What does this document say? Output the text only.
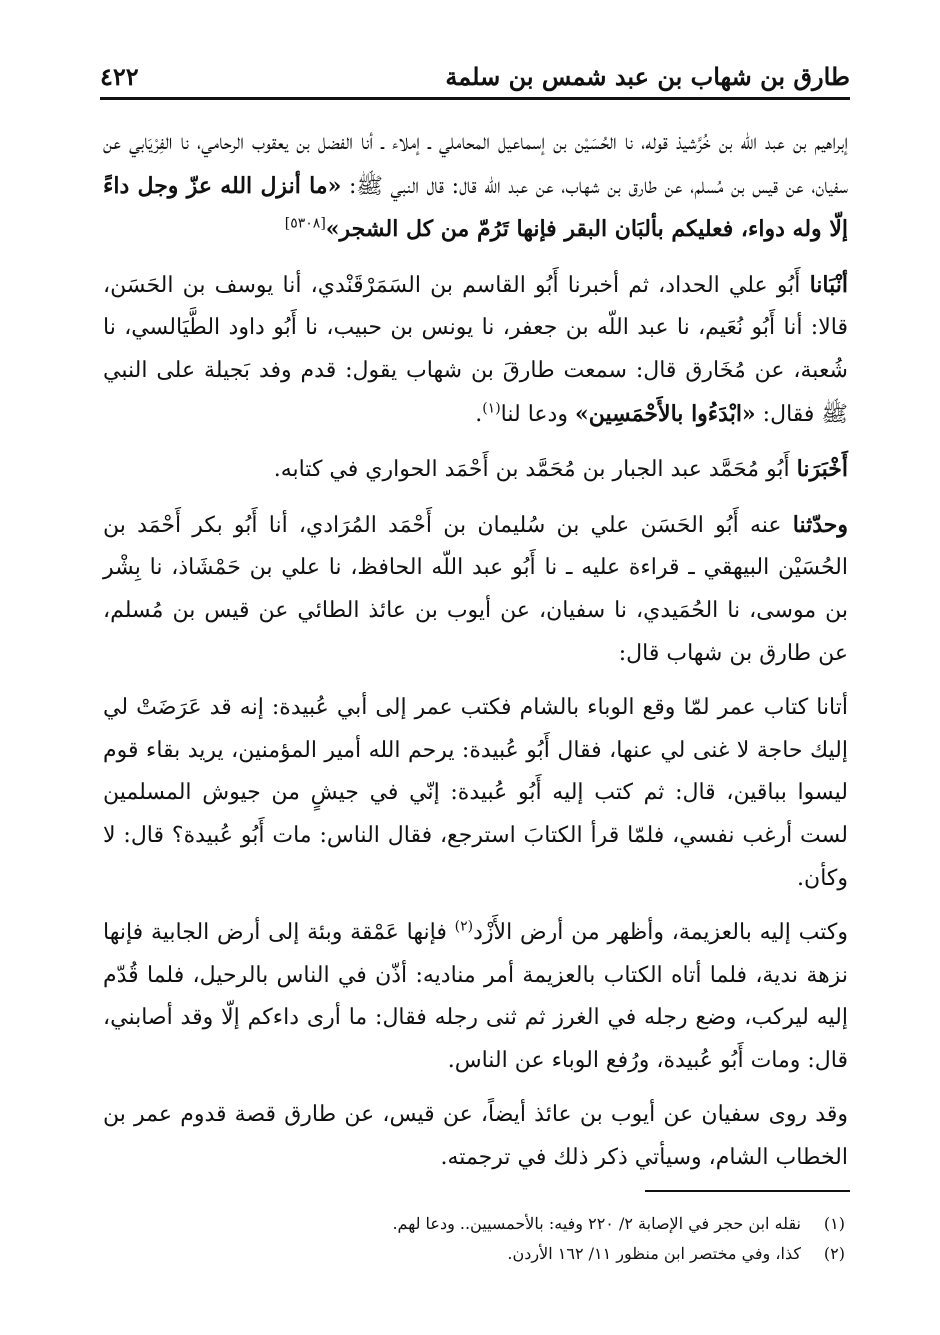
طارق بن شهاب بن عبد شمس بن سلمة
٤٢٢

إبراهيم بن عبد اللّه بن خُرَّشيذ قوله، نا الحُسَيْن بن إسماعيل المحاملي ـ إملاء ـ أنا الفضل بن يعقوب الرحامي، نا الفِرْيَابي عن سفيان، عن قيس بن مُسلم، عن طارق بن شهاب، عن عبد اللّه قال: قال النبي ﷺ: «ما أنزل الله عزّ وجل داءً إلّا وله دواء، فعليكم بألبَان البقر فإنها تَرُمّ من كل الشجر»[٥٣٠٨]

أنْبَانا أَبُو علي الحداد، ثم أخبرنا أَبُو القاسم بن السَمَرْقَنْدي، أنا يوسف بن الحَسَن، قالا: أنا أَبُو نُعَيم، نا عبد اللّه بن جعفر، نا يونس بن حبيب، نا أَبُو داود الطَّيَالسي، نا شُعبة، عن مُخَارق قال: سمعت طارقَ بن شهاب يقول: قدم وفد بَجيلة على النبي ﷺ فقال: «ابْدَءُوا بالأَحْمَسِين» ودعا لنا$^{(١)}$.

أَخْبَرَنا أَبُو مُحَمَّد عبد الجبار بن مُحَمَّد بن أَحْمَد الحواري في كتابه.

وحدّثنا عنه أَبُو الحَسَن علي بن سُليمان بن أَحْمَد المُرَادي، أنا أَبُو بكر أَحْمَد بن الحُسَيْن البيهقي ـ قراءة عليه ـ نا أَبُو عبد اللّه الحافظ، نا علي بن حَمْشَاذ، نا بِشْر بن موسى، نا الحُمَيدي، نا سفيان، عن أيوب بن عائذ الطائي عن قيس بن مُسلم، عن طارق بن شهاب قال:

أتانا كتاب عمر لمّا وقع الوباء بالشام فكتب عمر إلى أبي عُبيدة: إنه قد عَرَضَتْ لي إليك حاجة لا غنى لي عنها، فقال أَبُو عُبيدة: يرحم الله أمير المؤمنين، يريد بقاء قوم ليسوا بباقين، قال: ثم كتب إليه أَبُو عُبيدة: إنّي في جيشٍ من جيوش المسلمين لست أرغب نفسي، فلمّا قرأ الكتابَ استرجع، فقال الناس: مات أَبُو عُبيدة؟ قال: لا وكأن.

وكتب إليه بالعزيمة، وأظهر من أرض الأَزْد$^{(٢)}$ فإنها عَمْقة وبئة إلى أرض الجابية فإنها نزهة ندية، فلما أتاه الكتاب بالعزيمة أمر مناديه: أذّن في الناس بالرحيل، فلما قُدّم إليه ليركب، وضع رجله في الغرز ثم ثنى رجله فقال: ما أرى داءكم إلّا وقد أصابني، قال: ومات أَبُو عُبيدة، ورُفع الوباء عن الناس.

وقد روى سفيان عن أيوب بن عائذ أيضاً، عن قيس، عن طارق قصة قدوم عمر بن الخطاب الشام، وسيأتي ذكر ذلك في ترجمته.

(١)نقله ابن حجر في الإصابة ٢/ ٢٢٠ وفيه: بالأحمسيين.. ودعا لهم.
(٢)كذا، وفي مختصر ابن منظور ١١/ ١٦٢ الأردن.
